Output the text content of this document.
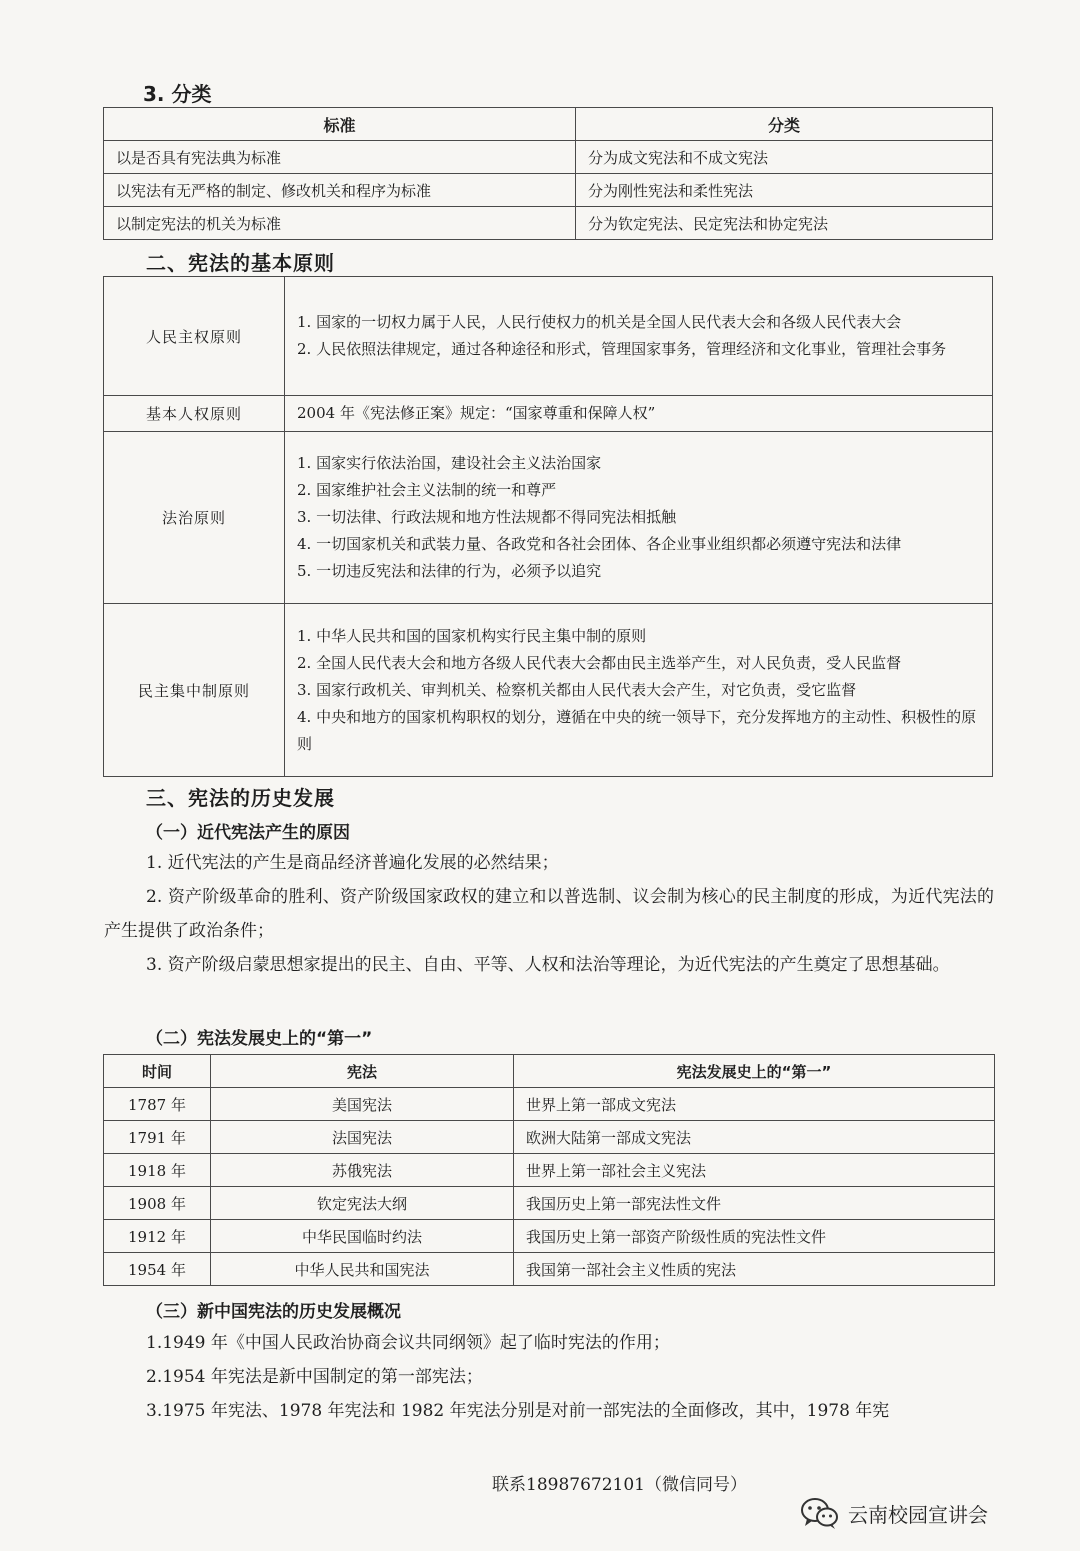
3. 分类
标准	分类
以是否具有宪法典为标准	分为成文宪法和不成文宪法
以宪法有无严格的制定、修改机关和程序为标准	分为刚性宪法和柔性宪法
以制定宪法的机关为标准	分为钦定宪法、民定宪法和协定宪法
二、宪法的基本原则
人民主权原则	1. 国家的一切权力属于人民，人民行使权力的机关是全国人民代表大会和各级人民代表大会
2. 人民依照法律规定，通过各种途径和形式，管理国家事务，管理经济和文化事业，管理社会事务

基本人权原则	2004 年《宪法修正案》规定：“国家尊重和保障人权”

法治原则	1. 国家实行依法治国，建设社会主义法治国家
2. 国家维护社会主义法制的统一和尊严
3. 一切法律、行政法规和地方性法规都不得同宪法相抵触
4. 一切国家机关和武装力量、各政党和各社会团体、各企业事业组织都必须遵守宪法和法律
5. 一切违反宪法和法律的行为，必须予以追究

民主集中制原则	1. 中华人民共和国的国家机构实行民主集中制的原则
2. 全国人民代表大会和地方各级人民代表大会都由民主选举产生，对人民负责，受人民监督
3. 国家行政机关、审判机关、检察机关都由人民代表大会产生，对它负责，受它监督
4. 中央和地方的国家机构职权的划分，遵循在中央的统一领导下，充分发挥地方的主动性、积极性的原则
三、宪法的历史发展
（一）近代宪法产生的原因
1. 近代宪法的产生是商品经济普遍化发展的必然结果；
2. 资产阶级革命的胜利、资产阶级国家政权的建立和以普选制、议会制为核心的民主制度的形成，为近代宪法的产生提供了政治条件；
3. 资产阶级启蒙思想家提出的民主、自由、平等、人权和法治等理论，为近代宪法的产生奠定了思想基础。
（二）宪法发展史上的“第一”
时间	宪法	宪法发展史上的“第一”
1787 年	美国宪法	世界上第一部成文宪法
1791 年	法国宪法	欧洲大陆第一部成文宪法
1918 年	苏俄宪法	世界上第一部社会主义宪法
1908 年	钦定宪法大纲	我国历史上第一部宪法性文件
1912 年	中华民国临时约法	我国历史上第一部资产阶级性质的宪法性文件
1954 年	中华人民共和国宪法	我国第一部社会主义性质的宪法
（三）新中国宪法的历史发展概况
1.1949 年《中国人民政治协商会议共同纲领》起了临时宪法的作用；
2.1954 年宪法是新中国制定的第一部宪法；
3.1975 年宪法、1978 年宪法和 1982 年宪法分别是对前一部宪法的全面修改，其中，1978 年宪
联系18987672101（微信同号）
云南校园宣讲会
